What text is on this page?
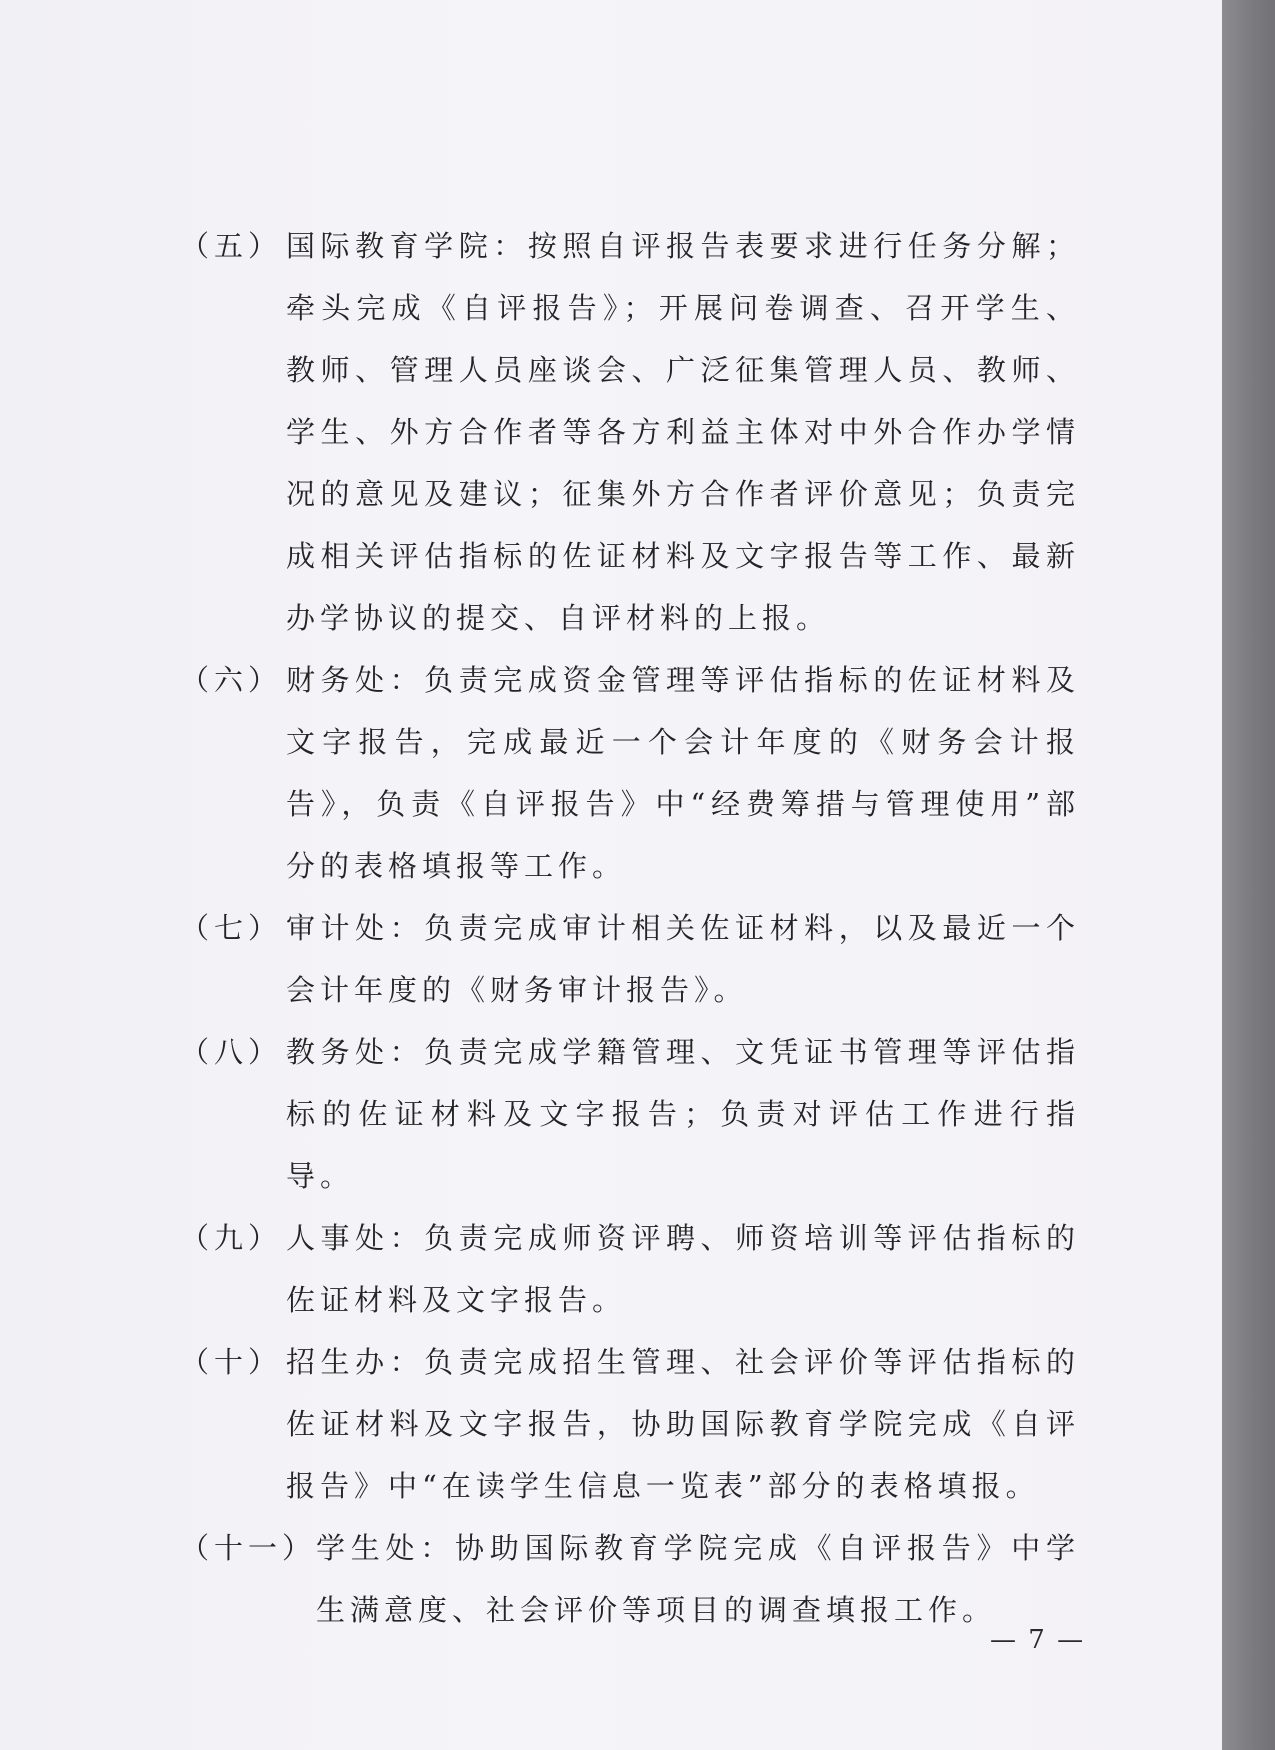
（五） 国际教育学院：按照自评报告表要求进行任务分解；牵头完成《自评报告》；开展问卷调查、召开学生、教师、管理人员座谈会、广泛征集管理人员、教师、学生、外方合作者等各方利益主体对中外合作办学情况的意见及建议；征集外方合作者评价意见；负责完成相关评估指标的佐证材料及文字报告等工作、最新办学协议的提交、自评材料的上报。
（六） 财务处：负责完成资金管理等评估指标的佐证材料及文字报告，完成最近一个会计年度的《财务会计报告》，负责《自评报告》中“经费筹措与管理使用”部分的表格填报等工作。
（七） 审计处：负责完成审计相关佐证材料，以及最近一个会计年度的《财务审计报告》。
（八） 教务处：负责完成学籍管理、文凭证书管理等评估指标的佐证材料及文字报告；负责对评估工作进行指导。
（九） 人事处：负责完成师资评聘、师资培训等评估指标的佐证材料及文字报告。
（十） 招生办：负责完成招生管理、社会评价等评估指标的佐证材料及文字报告，协助国际教育学院完成《自评报告》中“在读学生信息一览表”部分的表格填报。
（十一） 学生处：协助国际教育学院完成《自评报告》中学生满意度、社会评价等项目的调查填报工作。
— 7 —
